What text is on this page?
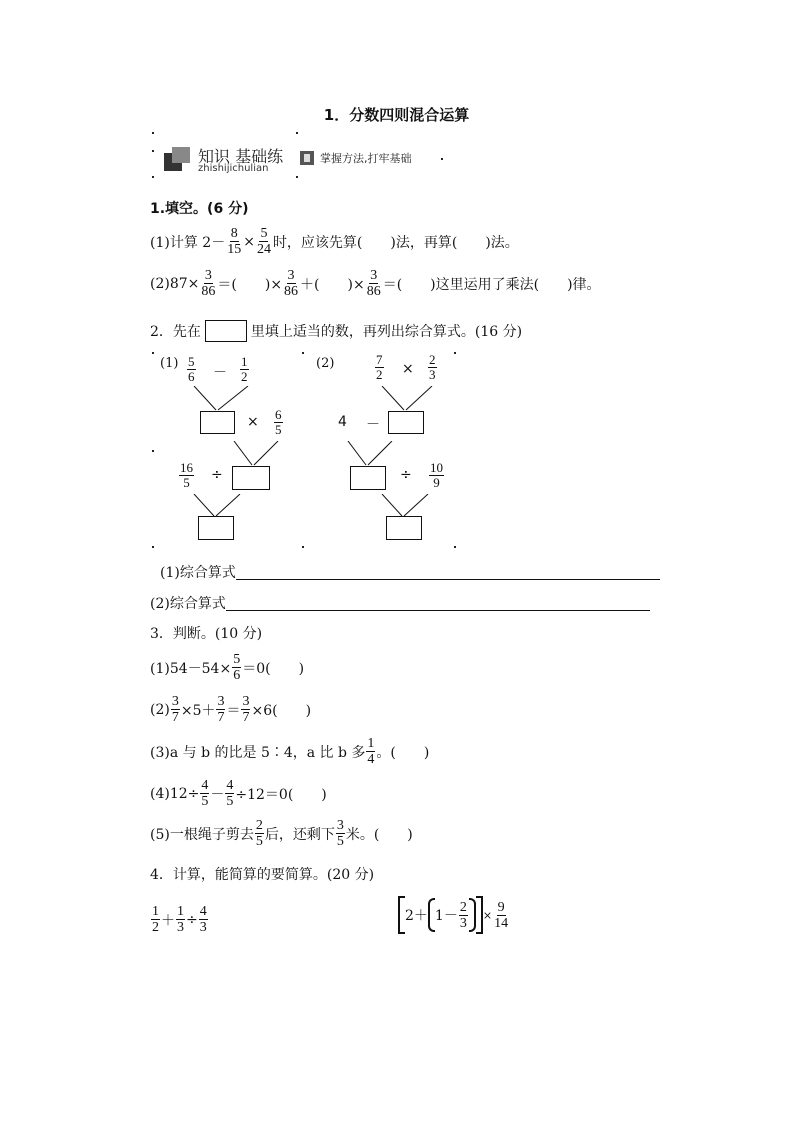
1．分数四则混合运算
知识 基础练
zhishijichulian
掌握方法,打牢基础
1.填空。(6 分)
(1)计算 $2- \frac{8}{15} \times \frac{5}{24}$ 时，应该先算(　　)法，再算(　　)法。
$(2)87\times \frac{3}{86}$ ＝(　　)× $\frac{3}{86}$ ＋(　　)× $\frac{3}{86}$ ＝(　　)这里运用了乘法(　　)律。
2．先在	里填上适当的数，再列出综合算式。(16 分)
$(1) \frac{5}{6} - \frac{1}{2}$
× $\frac{6}{5}$
$\frac{16}{5}$ ÷
(2)	$\frac{7}{2} \times \frac{2}{3}$
4 －
÷ $\frac{10}{9}$
(1)综合算式
(2)综合算式
3．判断。(10 分)
$(1)54-54\times \frac{5}{6} =0$(　　)
$(2) \frac{3}{7} \times 5+ \frac{3}{7} = \frac{3}{7} \times 6$(　　)
(3)a 与 b 的比是 5∶4，a 比 b 多 $\frac{1}{4}$ 。(　　)
$(4)12\div \frac{4}{5} - \frac{4}{5} \div 12=0$(　　)
(5)一根绳子剪去 $\frac{2}{5}$ 后，还剩下 $\frac{3}{5}$ 米。(　　)
4．计算，能简算的要简算。(20 分)
$\frac{1}{2} + \frac{1}{3} \div \frac{4}{3}$	$2+ 1- \frac{2}{3} \times \frac{9}{14}$
